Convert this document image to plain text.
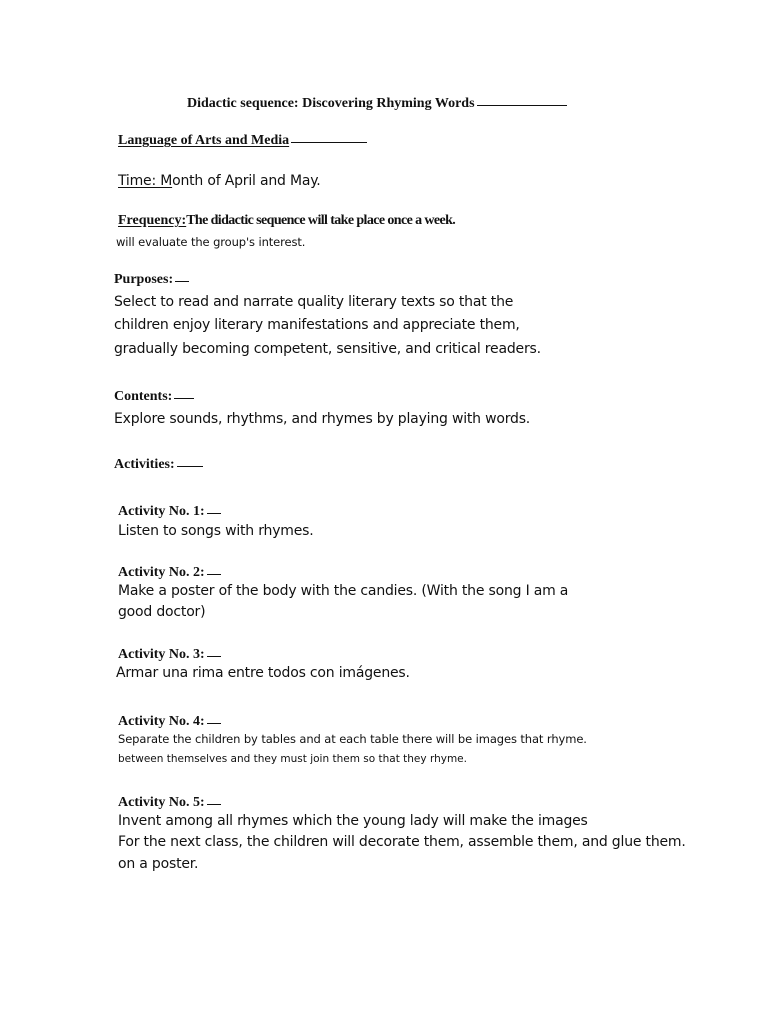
Didactic sequence: Discovering Rhyming Words

Language of Arts and Media

Time: Month of April and May.

Frequency:The didactic sequence will take place once a week.

will evaluate the group's interest.

Purposes:

Select to read and narrate quality literary texts so that the

children enjoy literary manifestations and appreciate them,

gradually becoming competent, sensitive, and critical readers.

Contents:

Explore sounds, rhythms, and rhymes by playing with words.

Activities:

Activity No. 1:

Listen to songs with rhymes.

Activity No. 2:

Make a poster of the body with the candies. (With the song I am a

good doctor)

Activity No. 3:

Armar una rima entre todos con imágenes.

Activity No. 4:

Separate the children by tables and at each table there will be images that rhyme.

between themselves and they must join them so that they rhyme.

Activity No. 5:

Invent among all rhymes which the young lady will make the images

For the next class, the children will decorate them, assemble them, and glue them.

on a poster.
